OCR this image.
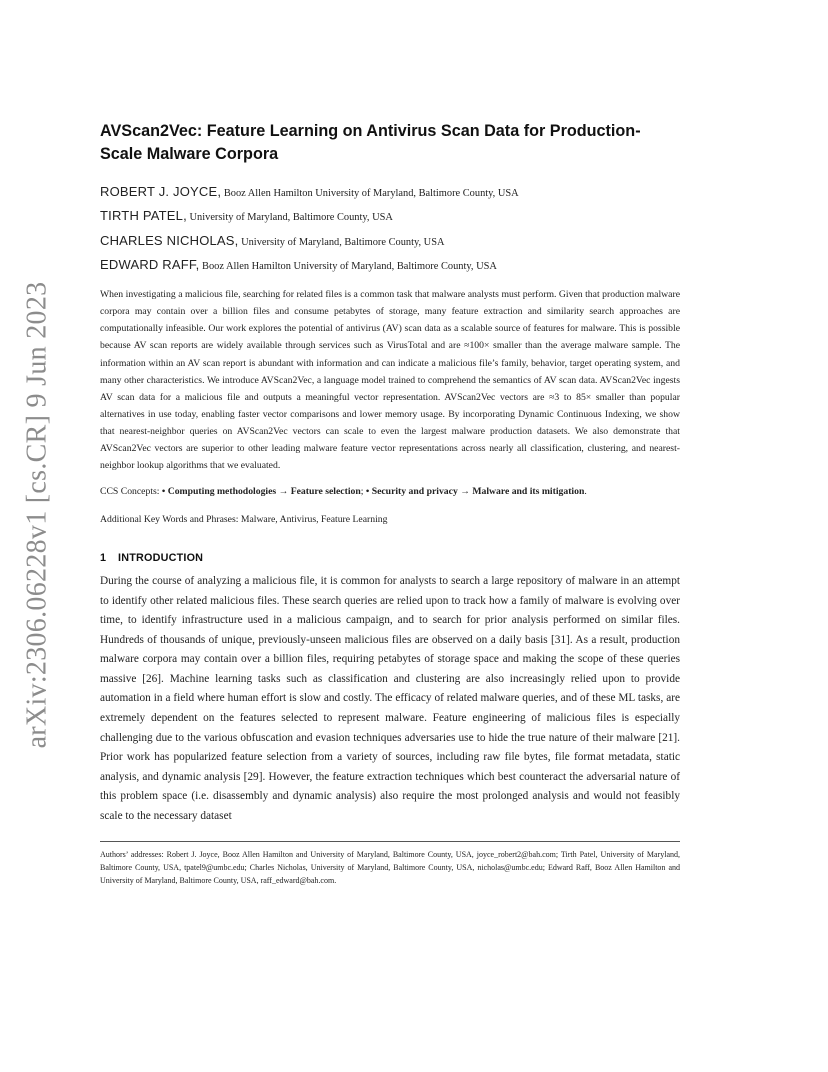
arXiv:2306.06228v1 [cs.CR] 9 Jun 2023
AVScan2Vec: Feature Learning on Antivirus Scan Data for Production-Scale Malware Corpora
ROBERT J. JOYCE, Booz Allen Hamilton University of Maryland, Baltimore County, USA
TIRTH PATEL, University of Maryland, Baltimore County, USA
CHARLES NICHOLAS, University of Maryland, Baltimore County, USA
EDWARD RAFF, Booz Allen Hamilton University of Maryland, Baltimore County, USA

When investigating a malicious file, searching for related files is a common task that malware analysts must perform. Given that production malware corpora may contain over a billion files and consume petabytes of storage, many feature extraction and similarity search approaches are computationally infeasible. Our work explores the potential of antivirus (AV) scan data as a scalable source of features for malware. This is possible because AV scan reports are widely available through services such as VirusTotal and are ≈100× smaller than the average malware sample. The information within an AV scan report is abundant with information and can indicate a malicious file’s family, behavior, target operating system, and many other characteristics. We introduce AVScan2Vec, a language model trained to comprehend the semantics of AV scan data. AVScan2Vec ingests AV scan data for a malicious file and outputs a meaningful vector representation. AVScan2Vec vectors are ≈3 to 85× smaller than popular alternatives in use today, enabling faster vector comparisons and lower memory usage. By incorporating Dynamic Continuous Indexing, we show that nearest-neighbor queries on AVScan2Vec vectors can scale to even the largest malware production datasets. We also demonstrate that AVScan2Vec vectors are superior to other leading malware feature vector representations across nearly all classification, clustering, and nearest-neighbor lookup algorithms that we evaluated.

CCS Concepts: • Computing methodologies → Feature selection; • Security and privacy → Malware and its mitigation.
Additional Key Words and Phrases: Malware, Antivirus, Feature Learning
1 INTRODUCTION

During the course of analyzing a malicious file, it is common for analysts to search a large repository of malware in an attempt to identify other related malicious files. These search queries are relied upon to track how a family of malware is evolving over time, to identify infrastructure used in a malicious campaign, and to search for prior analysis performed on similar files. Hundreds of thousands of unique, previously-unseen malicious files are observed on a daily basis [31]. As a result, production malware corpora may contain over a billion files, requiring petabytes of storage space and making the scope of these queries massive [26]. Machine learning tasks such as classification and clustering are also increasingly relied upon to provide automation in a field where human effort is slow and costly. The efficacy of related malware queries, and of these ML tasks, are extremely dependent on the features selected to represent malware. Feature engineering of malicious files is especially challenging due to the various obfuscation and evasion techniques adversaries use to hide the true nature of their malware [21]. Prior work has popularized feature selection from a variety of sources, including raw file bytes, file format metadata, static analysis, and dynamic analysis [29]. However, the feature extraction techniques which best counteract the adversarial nature of this problem space (i.e. disassembly and dynamic analysis) also require the most prolonged analysis and would not feasibly scale to the necessary dataset

Authors’ addresses: Robert J. Joyce, Booz Allen Hamilton and University of Maryland, Baltimore County, USA, joyce_robert2@bah.com; Tirth Patel, University of Maryland, Baltimore County, USA, tpatel9@umbc.edu; Charles Nicholas, University of Maryland, Baltimore County, USA, nicholas@umbc.edu; Edward Raff, Booz Allen Hamilton and University of Maryland, Baltimore County, USA, raff_edward@bah.com.
